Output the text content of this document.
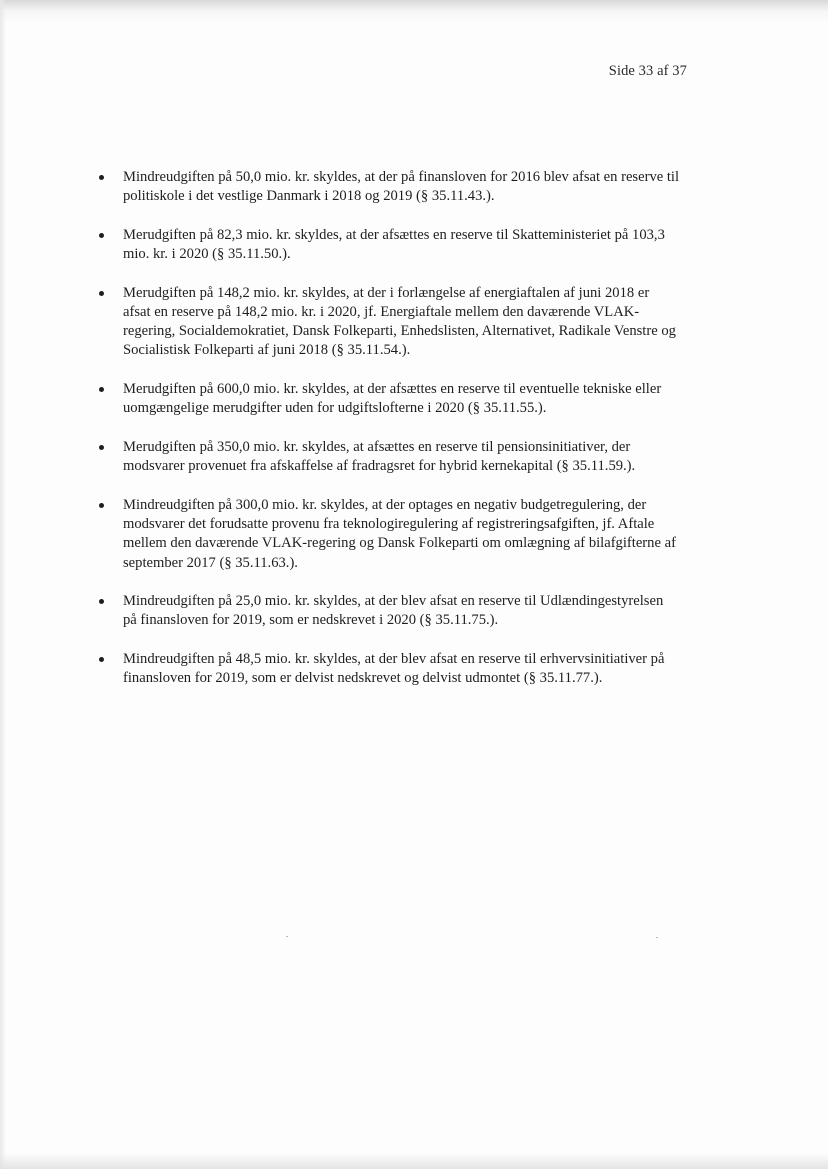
Side 33 af 37
Mindreudgiften på 50,0 mio. kr. skyldes, at der på finansloven for 2016 blev afsat en reserve til politiskole i det vestlige Danmark i 2018 og 2019 (§ 35.11.43.).
Merudgiften på 82,3 mio. kr. skyldes, at der afsættes en reserve til Skatteministeriet på 103,3 mio. kr. i 2020 (§ 35.11.50.).
Merudgiften på 148,2 mio. kr. skyldes, at der i forlængelse af energiaftalen af juni 2018 er afsat en reserve på 148,2 mio. kr. i 2020, jf. Energiaftale mellem den daværende VLAK-regering, Socialdemokratiet, Dansk Folkeparti, Enhedslisten, Alternativet, Radikale Venstre og Socialistisk Folkeparti af juni 2018 (§ 35.11.54.).
Merudgiften på 600,0 mio. kr. skyldes, at der afsættes en reserve til eventuelle tekniske eller uomgængelige merudgifter uden for udgiftslofterne i 2020 (§ 35.11.55.).
Merudgiften på 350,0 mio. kr. skyldes, at afsættes en reserve til pensionsinitiativer, der modsvarer provenuet fra afskaffelse af fradragsret for hybrid kernekapital (§ 35.11.59.).
Mindreudgiften på 300,0 mio. kr. skyldes, at der optages en negativ budgetregulering, der modsvarer det forudsatte provenu fra teknologiregulering af registreringsafgiften, jf. Aftale mellem den daværende VLAK-regering og Dansk Folkeparti om omlægning af bilafgifterne af september 2017 (§ 35.11.63.).
Mindreudgiften på 25,0 mio. kr. skyldes, at der blev afsat en reserve til Udlændingestyrelsen på finansloven for 2019, som er nedskrevet i 2020 (§ 35.11.75.).
Mindreudgiften på 48,5 mio. kr. skyldes, at der blev afsat en reserve til erhvervsinitiativer på finansloven for 2019, som er delvist nedskrevet og delvist udmontet (§ 35.11.77.).
